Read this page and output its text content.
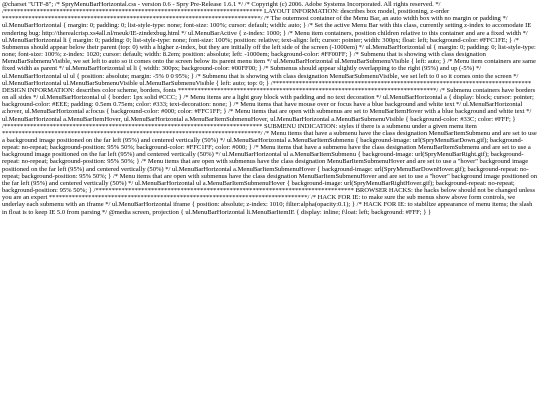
@charset "UTF-8"; /* SpryMenuBarHorizontal.css - version 0.6 - Spry Pre-Release 1.6.1 */ /* Copyright (c) 2006. Adobe Systems Incorporated. All rights reserved. */ /******************************************************************************* LAYOUT INFORMATION: describes box model, positioning, z-order *******************************************************************************/ /* The outermost container of the Menu Bar, an auto width box with no margin or padding */ ul.MenuBarHorizontal { margin: 0; padding: 0; list-style-type: none; font-size: 100%; cursor: default; width: auto; } /* Set the active Menu Bar with this class, currently setting z-index to accomodate IE rendering bug: http://therealcrisp.xs4all.nl/meuk/IE-zindexbug.html */ ul.MenuBarActive { z-index: 1000; } /* Menu item containers, position children relative to this container and are a fixed width */ ul.MenuBarHorizontal li { margin: 0; padding: 0; list-style-type: none; font-size: 100%; position: relative; text-align: left; cursor: pointer; width: 300px; float: left; background-color: #FFC1FE; } /* Submenus should appear below their parent (top: 0) with a higher z-index, but they are initially off the left side of the screen (-1000em) */ ul.MenuBarHorizontal ul { margin: 0; padding: 0; list-style-type: none; font-size: 100%; z-index: 1020; cursor: default; width: 8.2em; position: absolute; left: -1000em; background-color: #FF00FF; } /* Submenu that is showing with class designation MenuBarSubmenuVisible, we set left to auto so it comes onto the screen below its parent menu item */ ul.MenuBarHorizontal ul.MenuBarSubmenuVisible { left: auto; } /* Menu item containers are same fixed width as parent */ ul.MenuBarHorizontal ul li { width: 300px; background-color: #00FF00; } /* Submenus should appear slightly overlapping to the right (95%) and up (-5%) */ ul.MenuBarHorizontal ul ul { position: absolute; margin: -5% 0 0 95%; } /* Submenu that is showing with class designation MenuBarSubmenuVisible, we set left to 0 so it comes onto the screen */ ul.MenuBarHorizontal ul.MenuBarSubmenuVisible ul.MenuBarSubmenuVisible { left: auto; top: 0; } /******************************************************************************* DESIGN INFORMATION: describes color scheme, borders, fonts *******************************************************************************/ /* Submenu containers have borders on all sides */ ul.MenuBarHorizontal ul { border: 1px solid #CCC; } /* Menu items are a light gray block with padding and no text decoration */ ul.MenuBarHorizontal a { display: block; cursor: pointer; background-color: #EEE; padding: 0.5em 0.75em; color: #333; text-decoration: none; } /* Menu items that have mouse over or focus have a blue background and white text */ ul.MenuBarHorizontal a:hover, ul.MenuBarHorizontal a:focus { background-color: #000; color: #FFC1FF; } /* Menu items that are open with submenus are set to MenuBarItemHover with a blue background and white text */ ul.MenuBarHorizontal a.MenuBarItemHover, ul.MenuBarHorizontal a.MenuBarItemSubmenuHover, ul.MenuBarHorizontal a.MenuBarSubmenuVisible { background-color: #33C; color: #FFF; } /******************************************************************************* SUBMENU INDICATION: styles if there is a submenu under a given menu item *******************************************************************************/ /* Menu items that have a submenu have the class designation MenuBarItemSubmenu and are set to use a background image positioned on the far left (95%) and centered vertically (50%) */ ul.MenuBarHorizontal a.MenuBarItemSubmenu { background-image: url(SpryMenuBarDown.gif); background-repeat: no-repeat; background-position: 95% 50%; background-color: #FFC1FF; color: #000; } /* Menu items that have a submenu have the class designation MenuBarItemSubmenu and are set to use a background image positioned on the far left (95%) and centered vertically (50%) */ ul.MenuBarHorizontal ul a.MenuBarItemSubmenu { background-image: url(SpryMenuBarRight.gif); background-repeat: no-repeat; background-position: 95% 50%; } /* Menu items that are open with submenus have the class designation MenuBarItemSubmenuHover and are set to use a "hover" background image positioned on the far left (95%) and centered vertically (50%) */ ul.MenuBarHorizontal a.MenuBarItemSubmenuHover { background-image: url(SpryMenuBarDownHover.gif); background-repeat: no-repeat; background-position: 95% 50%; } /* Menu items that are open with submenus have the class designation MenuBarItemSubmenuHover and are set to use a "hover" background image positioned on the far left (95%) and centered vertically (50%) */ ul.MenuBarHorizontal ul a.MenuBarItemSubmenuHover { background-image: url(SpryMenuBarRightHover.gif); background-repeat: no-repeat; background-position: 95% 50%; } /******************************************************************************* BROWSER HACKS: the hacks below should not be changed unless you are an expert *******************************************************************************/ /* HACK FOR IE: to make sure the sub menus show above form controls, we underlay each submenu with an iframe */ ul.MenuBarHorizontal iframe { position: absolute; z-index: 1010; filter:alpha(opacity:0.1); } /* HACK FOR IE: to stabilize appearance of menu items; the slash in float is to keep IE 5.0 from parsing */ @media screen, projection { ul.MenuBarHorizontal li.MenuBarItemIE { display: inline; f\loat: left; background: #FFF; } }
